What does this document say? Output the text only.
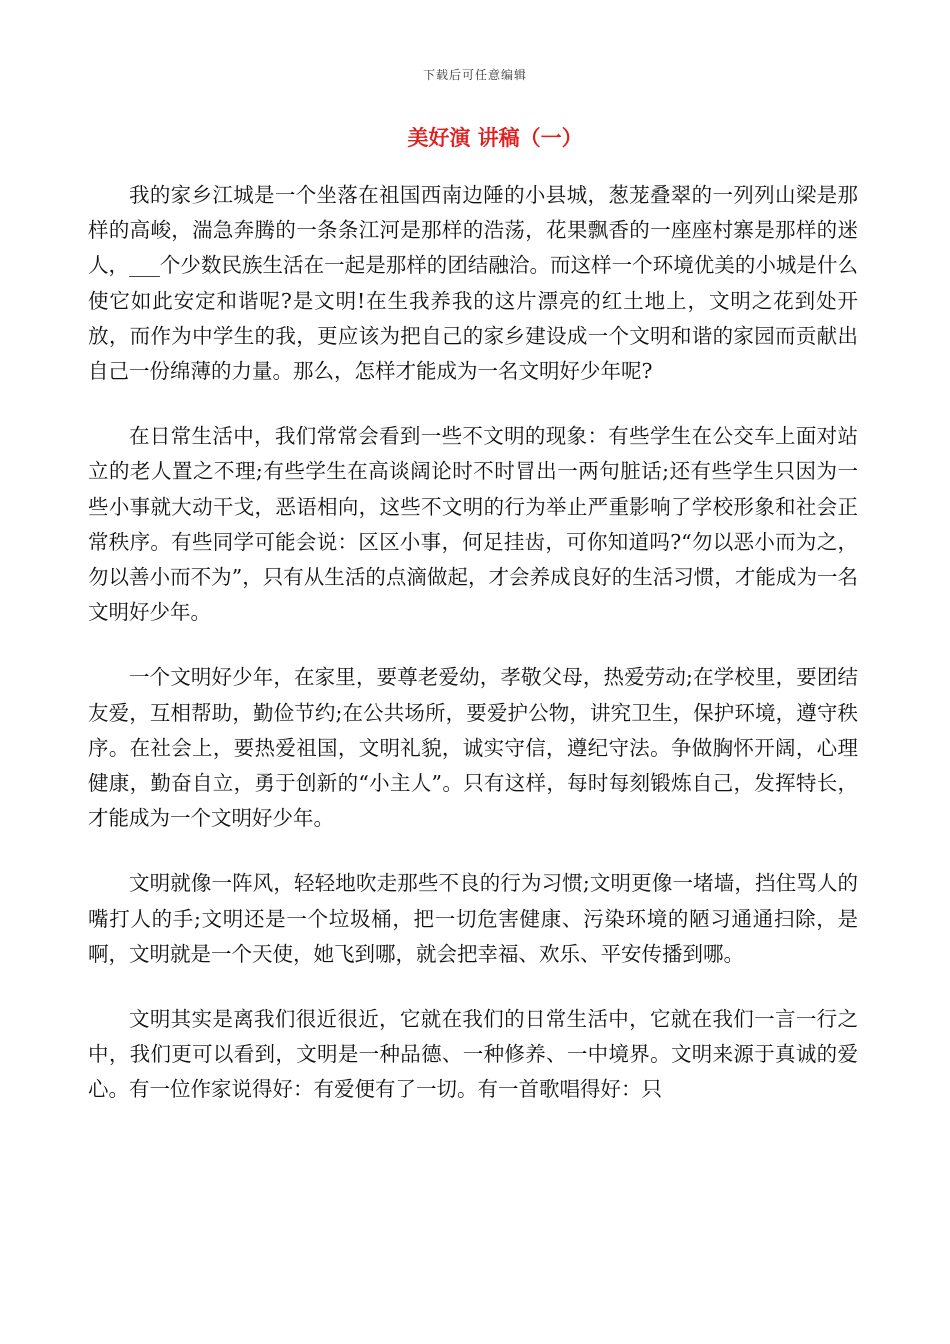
下载后可任意编辑
美好演 讲稿（一）

我的家乡江城是一个坐落在祖国西南边陲的小县城，葱茏叠翠的一列列山梁是那样的高峻，湍急奔腾的一条条江河是那样的浩荡，花果飘香的一座座村寨是那样的迷人，___个少数民族生活在一起是那样的团结融洽。而这样一个环境优美的小城是什么使它如此安定和谐呢?是文明!在生我养我的这片漂亮的红土地上，文明之花到处开放，而作为中学生的我，更应该为把自己的家乡建设成一个文明和谐的家园而贡献出自己一份绵薄的力量。那么，怎样才能成为一名文明好少年呢?

在日常生活中，我们常常会看到一些不文明的现象：有些学生在公交车上面对站立的老人置之不理;有些学生在高谈阔论时不时冒出一两句脏话;还有些学生只因为一些小事就大动干戈，恶语相向，这些不文明的行为举止严重影响了学校形象和社会正常秩序。有些同学可能会说：区区小事，何足挂齿，可你知道吗?“勿以恶小而为之，勿以善小而不为”，只有从生活的点滴做起，才会养成良好的生活习惯，才能成为一名文明好少年。

一个文明好少年，在家里，要尊老爱幼，孝敬父母，热爱劳动;在学校里，要团结友爱，互相帮助，勤俭节约;在公共场所，要爱护公物，讲究卫生，保护环境，遵守秩序。在社会上，要热爱祖国，文明礼貌，诚实守信，遵纪守法。争做胸怀开阔，心理健康，勤奋自立，勇于创新的“小主人”。只有这样，每时每刻锻炼自己，发挥特长，才能成为一个文明好少年。

文明就像一阵风，轻轻地吹走那些不良的行为习惯;文明更像一堵墙，挡住骂人的嘴打人的手;文明还是一个垃圾桶，把一切危害健康、污染环境的陋习通通扫除，是啊，文明就是一个天使，她飞到哪，就会把幸福、欢乐、平安传播到哪。

文明其实是离我们很近很近，它就在我们的日常生活中，它就在我们一言一行之中，我们更可以看到，文明是一种品德、一种修养、一中境界。文明来源于真诚的爱心。有一位作家说得好：有爱便有了一切。有一首歌唱得好：只
